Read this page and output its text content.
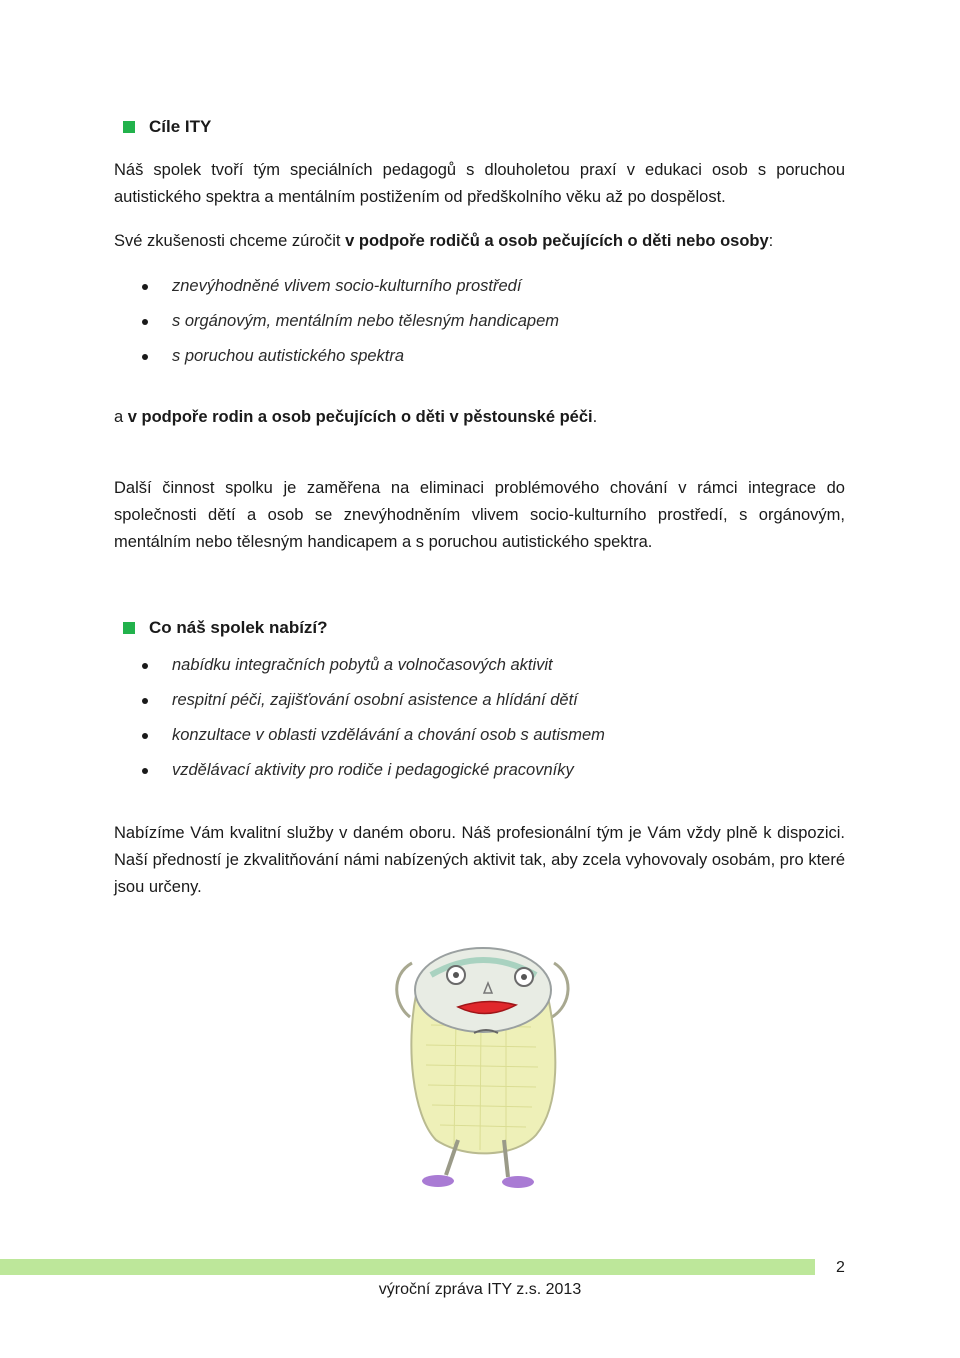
Cíle ITY

Náš spolek tvoří tým speciálních pedagogů s dlouholetou praxí v edukaci osob s poruchou autistického spektra a mentálním postižením od předškolního věku až po dospělost.

Své zkušenosti chceme zúročit v podpoře rodičů a osob pečujících o děti nebo osoby:

znevýhodněné vlivem socio-kulturního prostředí
s orgánovým, mentálním nebo tělesným handicapem
s poruchou autistického spektra

a v podpoře rodin a osob pečujících o děti v pěstounské péči.

Další činnost spolku je zaměřena na eliminaci problémového chování v rámci integrace do společnosti dětí a osob se znevýhodněním vlivem socio-kulturního prostředí, s orgánovým, mentálním nebo tělesným handicapem a s poruchou autistického spektra.

Co náš spolek nabízí?
nabídku integračních pobytů a volnočasových aktivit
respitní péči, zajišťování osobní asistence a hlídání dětí
konzultace v oblasti vzdělávání a chování osob s autismem
vzdělávací aktivity pro rodiče i pedagogické pracovníky

Nabízíme Vám kvalitní služby v daném oboru. Náš profesionální tým je Vám vždy plně k dispozici. Naší předností je zkvalitňování námi nabízených aktivit tak, aby zcela vyhovovaly osobám, pro které jsou určeny.

2
výroční zpráva ITY z.s. 2013
